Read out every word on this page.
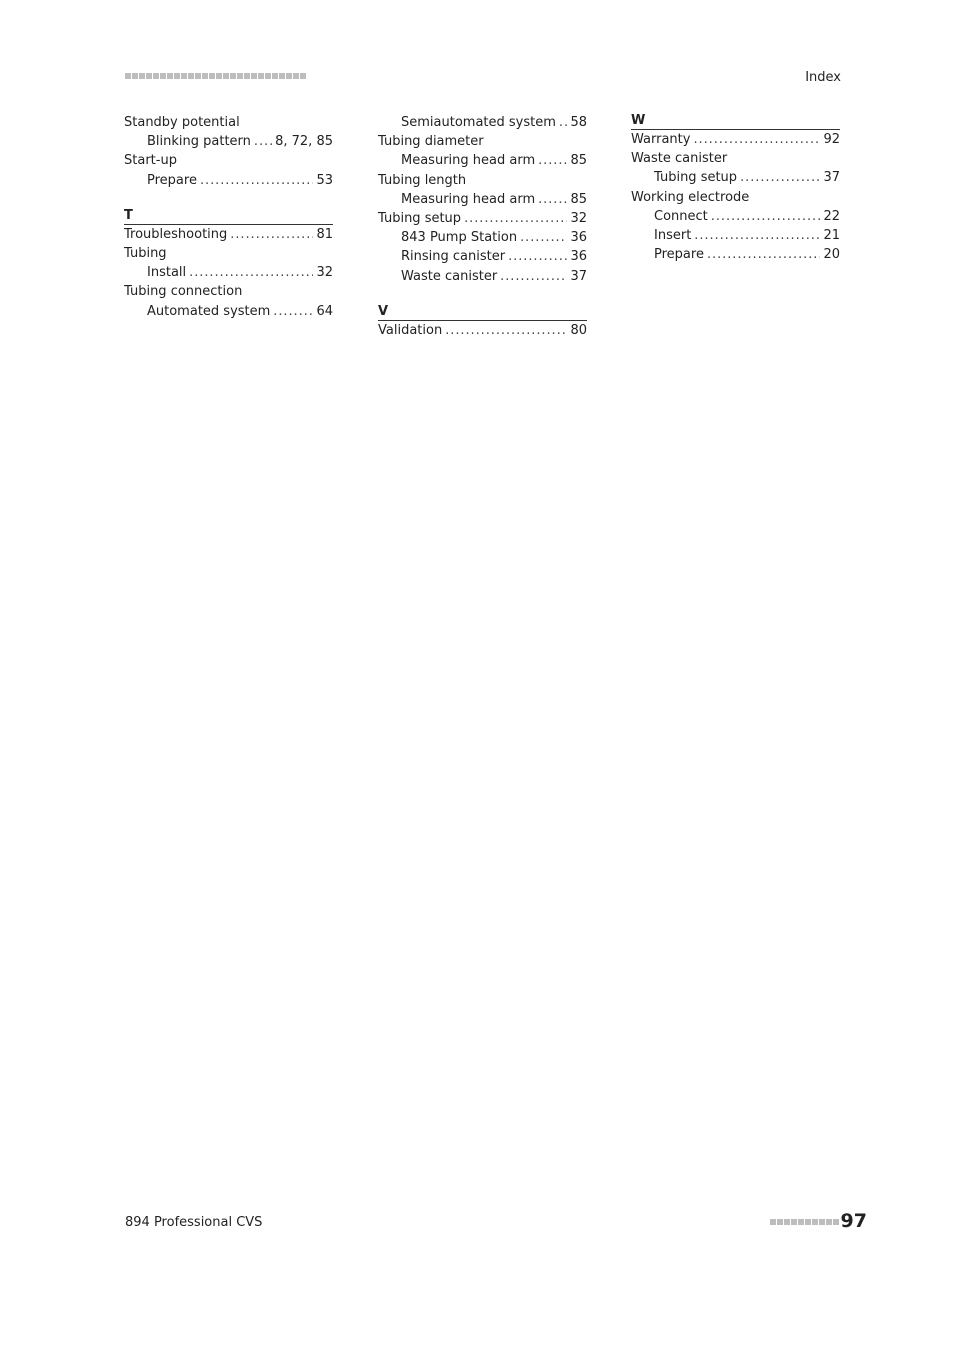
Index
Standby potential
Blinking pattern . . . 8, 72, 85
Start-up
Prepare . . .	53
T
Troubleshooting . . .	81
Tubing
Install . . .	32
Tubing connection
Automated system . . .	64
Semiautomated system . . . 58
Tubing diameter
Measuring head arm . . .	85
Tubing length
Measuring head arm . . .	85
Tubing setup . . .	32
843 Pump Station . . .	36
Rinsing canister . . .	36
Waste canister . . .	37
V
Validation . . .	80
W
Warranty . . .	92
Waste canister
Tubing setup . . .	37
Working electrode
Connect . . .	22
Insert . . .	21
Prepare . . .	20
894 Professional CVS	97
